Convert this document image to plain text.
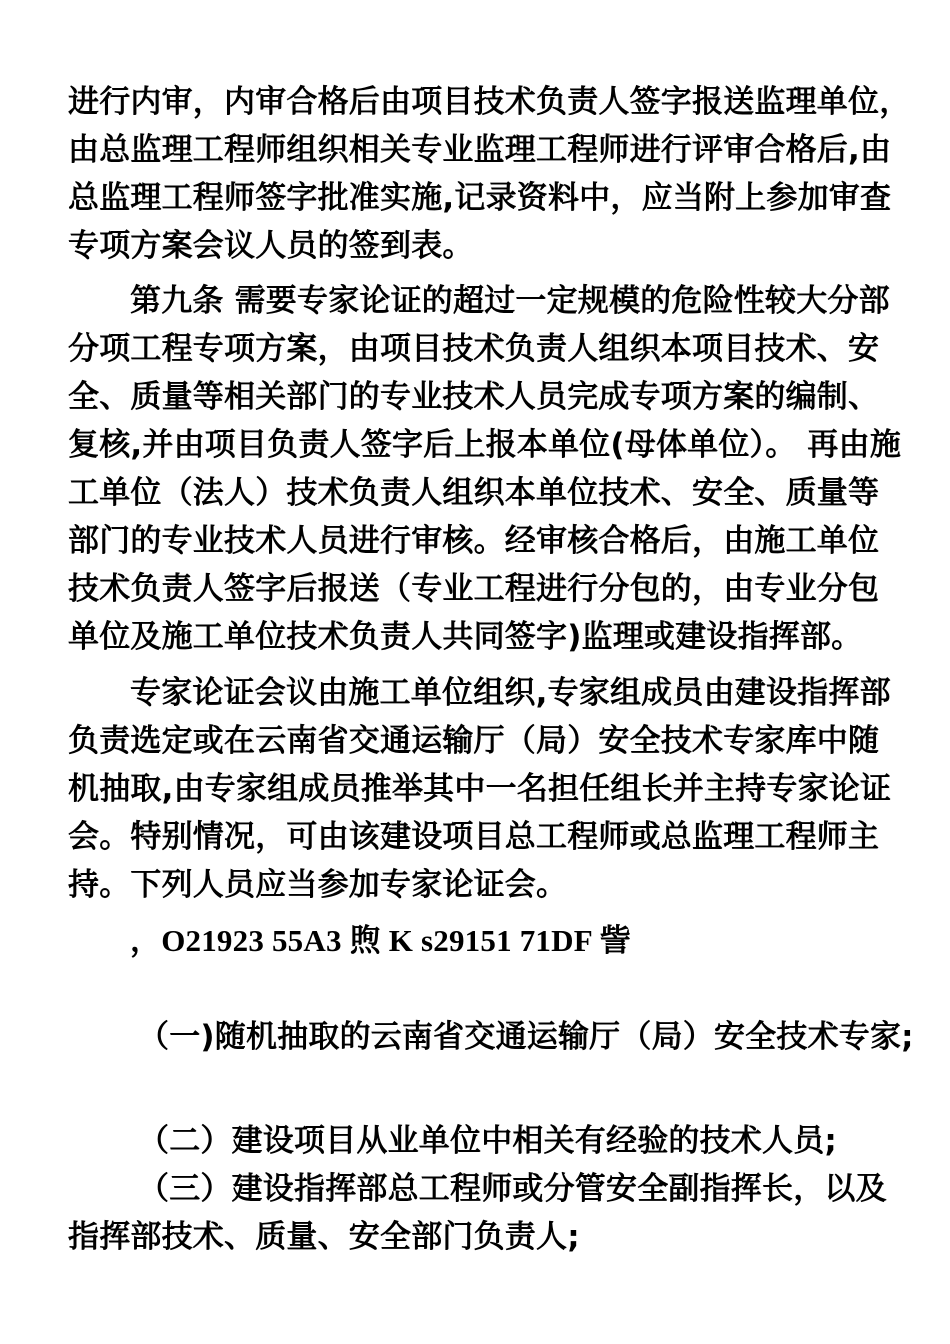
进行内审，内审合格后由项目技术负责人签字报送监理单位，
由总监理工程师组织相关专业监理工程师进行评审合格后,由
总监理工程师签字批准实施,记录资料中，应当附上参加审查
专项方案会议人员的签到表。
第九条 需要专家论证的超过一定规模的危险性较大分部
分项工程专项方案，由项目技术负责人组织本项目技术、安
全、质量等相关部门的专业技术人员完成专项方案的编制、
复核,并由项目负责人签字后上报本单位(母体单位）。 再由施
工单位（法人）技术负责人组织本单位技术、安全、质量等
部门的专业技术人员进行审核。经审核合格后，由施工单位
技术负责人签字后报送（专业工程进行分包的，由专业分包
单位及施工单位技术负责人共同签字)监理或建设指挥部。
专家论证会议由施工单位组织,专家组成员由建设指挥部
负责选定或在云南省交通运输厅（局）安全技术专家库中随
机抽取,由专家组成员推举其中一名担任组长并主持专家论证
会。特别情况，可由该建设项目总工程师或总监理工程师主
持。下列人员应当参加专家论证会。
，O21923 55A3 煦 K s29151 71DF 訾
（一)随机抽取的云南省交通运输厅（局）安全技术专家;
（二）建设项目从业单位中相关有经验的技术人员;
（三）建设指挥部总工程师或分管安全副指挥长，以及
指挥部技术、质量、安全部门负责人;
